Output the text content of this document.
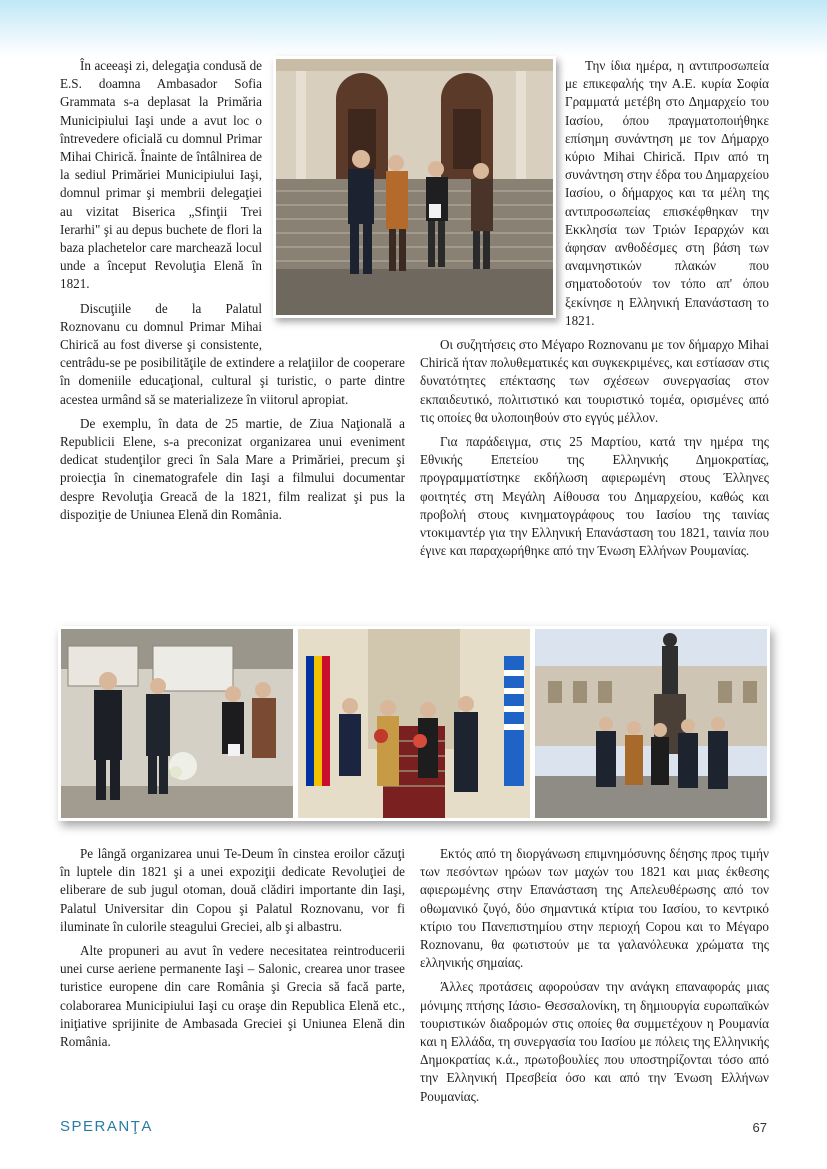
În aceeaşi zi, delegaţia condusă de E.S. doamna Ambasador Sofia Grammata s-a deplasat la Primăria Municipiului Iaşi unde a avut loc o întrevedere oficială cu domnul Primar Mihai Chirică. Înainte de întâlnirea de la sediul Primăriei Municipiului Iaşi, domnul primar şi membrii delegaţiei au vizitat Biserica „Sfinţii Trei Ierarhi" şi au depus buchete de flori la baza plachetelor care marchează locul unde a început Revoluţia Elenă în 1821.

Discuţiile de la Palatul Roznovanu cu domnul Primar Mihai Chirică au fost diverse şi consistente, centrâdu-se pe posibilităţile de extindere a relaţiilor de cooperare în domeniile educaţional, cultural şi turistic, o parte dintre acestea urmând să se materializeze în viitorul apropiat.

De exemplu, în data de 25 martie, de Ziua Naţională a Republicii Elene, s-a preconizat organizarea unui eveniment dedicat studenţilor greci în Sala Mare a Primăriei, precum şi proiecţia în cinematografele din Iaşi a filmului documentar despre Revoluţia Greacă de la 1821, film realizat şi pus la dispoziţie de Uniunea Elenă din România.

Την ίδια ημέρα, η αντιπροσωπεία με επικεφαλής την Α.Ε. κυρία Σοφία Γραμματά μετέβη στο Δημαρχείο του Ιασίου, όπου πραγματοποιήθηκε επίσημη συνάντηση με τον Δήμαρχο κύριο Mihai Chirică. Πριν από τη συνάντηση στην έδρα του Δημαρχείου Ιασίου, ο δήμαρχος και τα μέλη της αντιπροσωπείας επισκέφθηκαν την Εκκλησία των Τριών Ιεραρχών και άφησαν ανθοδέσμες στη βάση των αναμνηστικών πλακών που σηματοδοτούν τον τόπο απ' όπου ξεκίνησε η Ελληνική Επανάσταση το 1821.

Οι συζητήσεις στο Μέγαρο Roznovanu με τον δήμαρχο Mihai Chirică ήταν πολυθεματικές και συγκεκριμένες, και εστίασαν στις δυνατότητες επέκτασης των σχέσεων συνεργασίας στον εκπαιδευτικό, πολιτιστικό και τουριστικό τομέα, ορισμένες από τις οποίες θα υλοποιηθούν στο εγγύς μέλλον.

Για παράδειγμα, στις 25 Μαρτίου, κατά την ημέρα της Εθνικής Επετείου της Ελληνικής Δημοκρατίας, προγραμματίστηκε εκδήλωση αφιερωμένη στους Έλληνες φοιτητές στη Μεγάλη Αίθουσα του Δημαρχείου, καθώς και προβολή στους κινηματογράφους του Ιασίου της ταινίας ντοκιμαντέρ για την Ελληνική Επανάσταση του 1821, ταινία που έγινε και παραχωρήθηκε από την Ένωση Ελλήνων Ρουμανίας.

Pe lângă organizarea unui Te-Deum în cinstea eroilor căzuţi în luptele din 1821 şi a unei expoziţii dedicate Revoluţiei de eliberare de sub jugul otoman, două clădiri importante din Iaşi, Palatul Universitar din Copou şi Palatul Roznovanu, vor fi iluminate în culorile steagului Greciei, alb şi albastru.

Alte propuneri au avut în vedere necesitatea reintroducerii unei curse aeriene permanente Iaşi – Salonic, crearea unor trasee turistice europene din care România şi Grecia să facă parte, colaborarea Municipiului Iaşi cu oraşe din Republica Elenă etc., iniţiative sprijinite de Ambasada Greciei şi Uniunea Elenă din România.

Εκτός από τη διοργάνωση επιμνημόσυνης δέησης προς τιμήν των πεσόντων ηρώων των μαχών του 1821 και μιας έκθεσης αφιερωμένης στην Επανάσταση της Απελευθέρωσης από τον οθωμανικό ζυγό, δύο σημαντικά κτίρια του Ιασίου, το κεντρικό κτίριο του Πανεπιστημίου στην περιοχή Copou και το Μέγαρο Roznovanu, θα φωτιστούν με τα γαλανόλευκα χρώματα της ελληνικής σημαίας.

Άλλες προτάσεις αφορούσαν την ανάγκη επαναφοράς μιας μόνιμης πτήσης Ιάσιο- Θεσσαλονίκη, τη δημιουργία ευρωπαϊκών τουριστικών διαδρομών στις οποίες θα συμμετέχουν η Ρουμανία και η Ελλάδα, τη συνεργασία του Ιασίου με πόλεις της Ελληνικής Δημοκρατίας κ.ά., πρωτοβουλίες που υποστηρίζονται τόσο από την Ελληνική Πρεσβεία όσο και από την Ένωση Ελλήνων Ρουμανίας.

SPERANŢA	67
